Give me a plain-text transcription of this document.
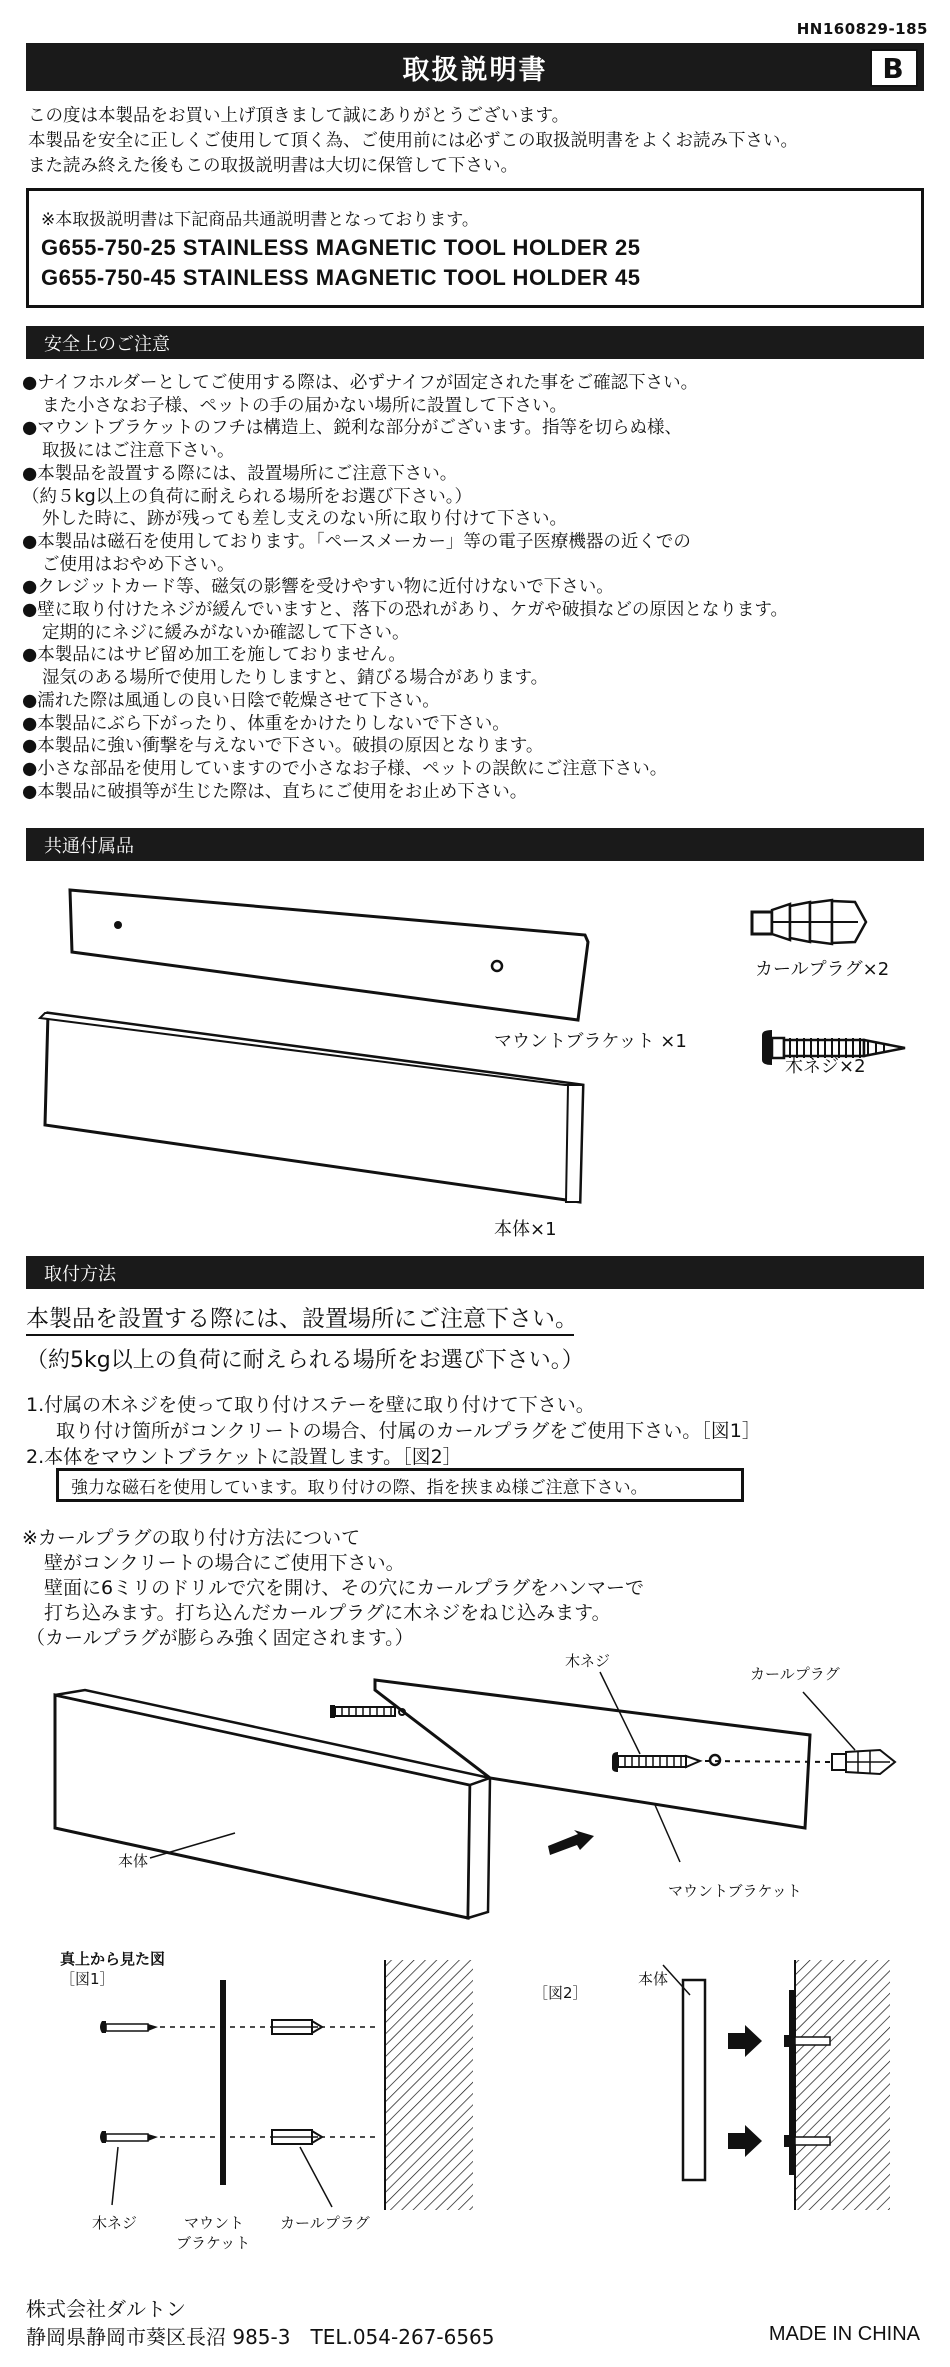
HN160829-185
取扱説明書	B
この度は本製品をお買い上げ頂きまして誠にありがとうございます。
本製品を安全に正しくご使用して頂く為、ご使用前には必ずこの取扱説明書をよくお読み下さい。
また読み終えた後もこの取扱説明書は大切に保管して下さい。
※本取扱説明書は下記商品共通説明書となっております。
G655-750-25 STAINLESS MAGNETIC TOOL HOLDER 25
G655-750-45 STAINLESS MAGNETIC TOOL HOLDER 45
安全上のご注意
●ナイフホルダーとしてご使用する際は、必ずナイフが固定された事をご確認下さい。
また小さなお子様、ペットの手の届かない場所に設置して下さい。
●マウントブラケットのフチは構造上、鋭利な部分がございます。指等を切らぬ様、
取扱にはご注意下さい。
●本製品を設置する際には、設置場所にご注意下さい。
（約５kg以上の負荷に耐えられる場所をお選び下さい。）
外した時に、跡が残っても差し支えのない所に取り付けて下さい。
●本製品は磁石を使用しております。「ペースメーカー」等の電子医療機器の近くでの
ご使用はおやめ下さい。
●クレジットカード等、磁気の影響を受けやすい物に近付けないで下さい。
●壁に取り付けたネジが緩んでいますと、落下の恐れがあり、ケガや破損などの原因となります。
定期的にネジに緩みがないか確認して下さい。
●本製品にはサビ留め加工を施しておりません。
湿気のある場所で使用したりしますと、錆びる場合があります。
●濡れた際は風通しの良い日陰で乾燥させて下さい。
●本製品にぶら下がったり、体重をかけたりしないで下さい。
●本製品に強い衝撃を与えないで下さい。破損の原因となります。
●小さな部品を使用していますので小さなお子様、ペットの誤飲にご注意下さい。
●本製品に破損等が生じた際は、直ちにご使用をお止め下さい。
共通付属品
マウントブラケット ×1
本体×1
カールプラグ×2
木ネジ×2
取付方法
本製品を設置する際には、設置場所にご注意下さい。
（約5kg以上の負荷に耐えられる場所をお選び下さい。）
1.付属の木ネジを使って取り付けステーを壁に取り付けて下さい。
取り付け箇所がコンクリートの場合、付属のカールプラグをご使用下さい。［図1］
2.本体をマウントブラケットに設置します。［図2］
強力な磁石を使用しています。取り付けの際、指を挟まぬ様ご注意下さい。
※カールプラグの取り付け方法について
壁がコンクリートの場合にご使用下さい。
壁面に6ミリのドリルで穴を開け、その穴にカールプラグをハンマーで
打ち込みます。打ち込んだカールプラグに木ネジをねじ込みます。
（カールプラグが膨らみ強く固定されます。）
木ネジ
カールプラグ
本体
マウントブラケット
真上から見た図
［図1］
［図2］
木ネジ	マウント
ブラケット
カールプラグ
本体
株式会社ダルトン
静岡県静岡市葵区長沼 985-3　TEL.054-267-6565	MADE IN CHINA
